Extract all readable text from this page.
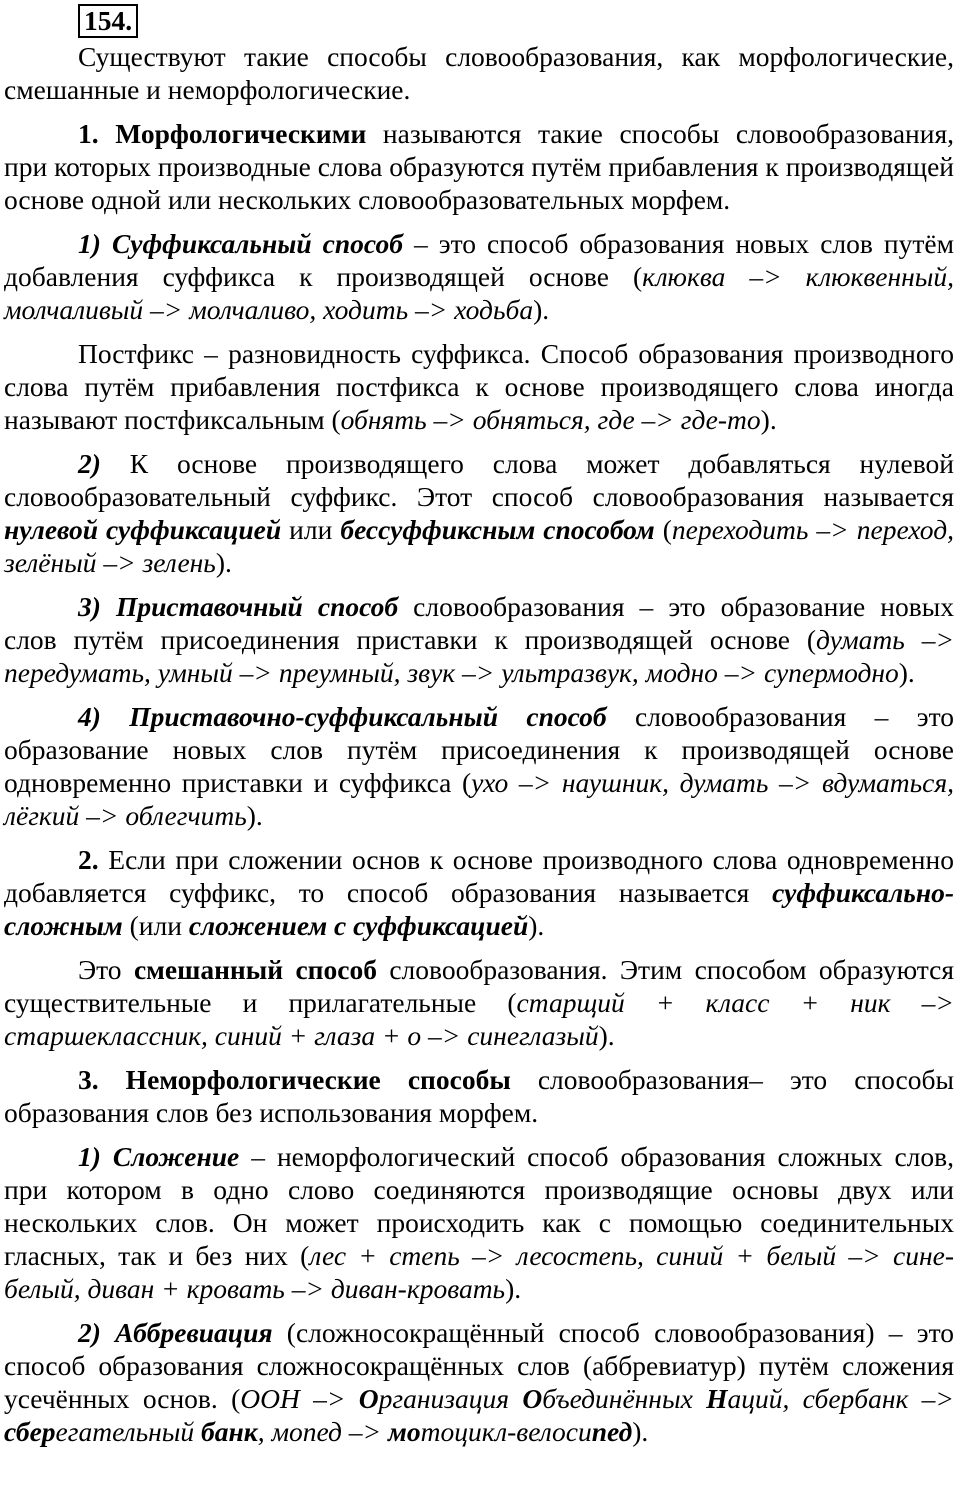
154.

Существуют такие способы словообразования, как морфологические, смешанные и неморфологические.

1. Морфологическими называются такие способы словообразования, при которых производные слова образуются путём прибавления к производящей основе одной или нескольких словообразовательных морфем.

1) Суффиксальный способ – это способ образования новых слов путём добавления суффикса к производящей основе (клюква –> клюквенный, молчаливый –> молчаливо, ходить –> ходьба).

Постфикс – разновидность суффикса. Способ образования производного слова путём прибавления постфикса к основе производящего слова иногда называют постфиксальным (обнять –> обняться, где –> где-то).

2) К основе производящего слова может добавляться нулевой словообразовательный суффикс. Этот способ словообразования называется нулевой суффиксацией или бессуффиксным способом (переходить –> переход, зелёный –> зелень).

3) Приставочный способ словообразования – это образование новых слов путём присоединения приставки к производящей основе (думать –> передумать, умный –> преумный, звук –> ультразвук, модно –> супермодно).

4) Приставочно-суффиксальный способ словообразования – это образование новых слов путём присоединения к производящей основе одновременно приставки и суффикса (ухо –> наушник, думать –> вдуматься, лёгкий –> облегчить).

2. Если при сложении основ к основе производного слова одновременно добавляется суффикс, то способ образования называется суффиксально-сложным (или сложением с суффиксацией).

Это смешанный способ словообразования. Этим способом образуются существительные и прилагательные (старщий + класс + ник –> старшеклассник, синий + глаза + о –> синеглазый).

3. Неморфологические способы словообразования– это способы образования слов без использования морфем.

1) Сложение – неморфологический способ образования сложных слов, при котором в одно слово соединяются производящие основы двух или нескольких слов. Он может происходить как с помощью соединительных гласных, так и без них (лес + степь –> лесостепь, синий + белый –> сине-белый, диван + кровать –> диван-кровать).

2) Аббревиация (сложносокращённый способ словообразования) – это способ образования сложносокращённых слов (аббревиатур) путём сложения усечённых основ. (ООН –> Организация Объединённых Наций, сбербанк –> сберегательный банк, мопед –> мотоцикл-велосипед).
